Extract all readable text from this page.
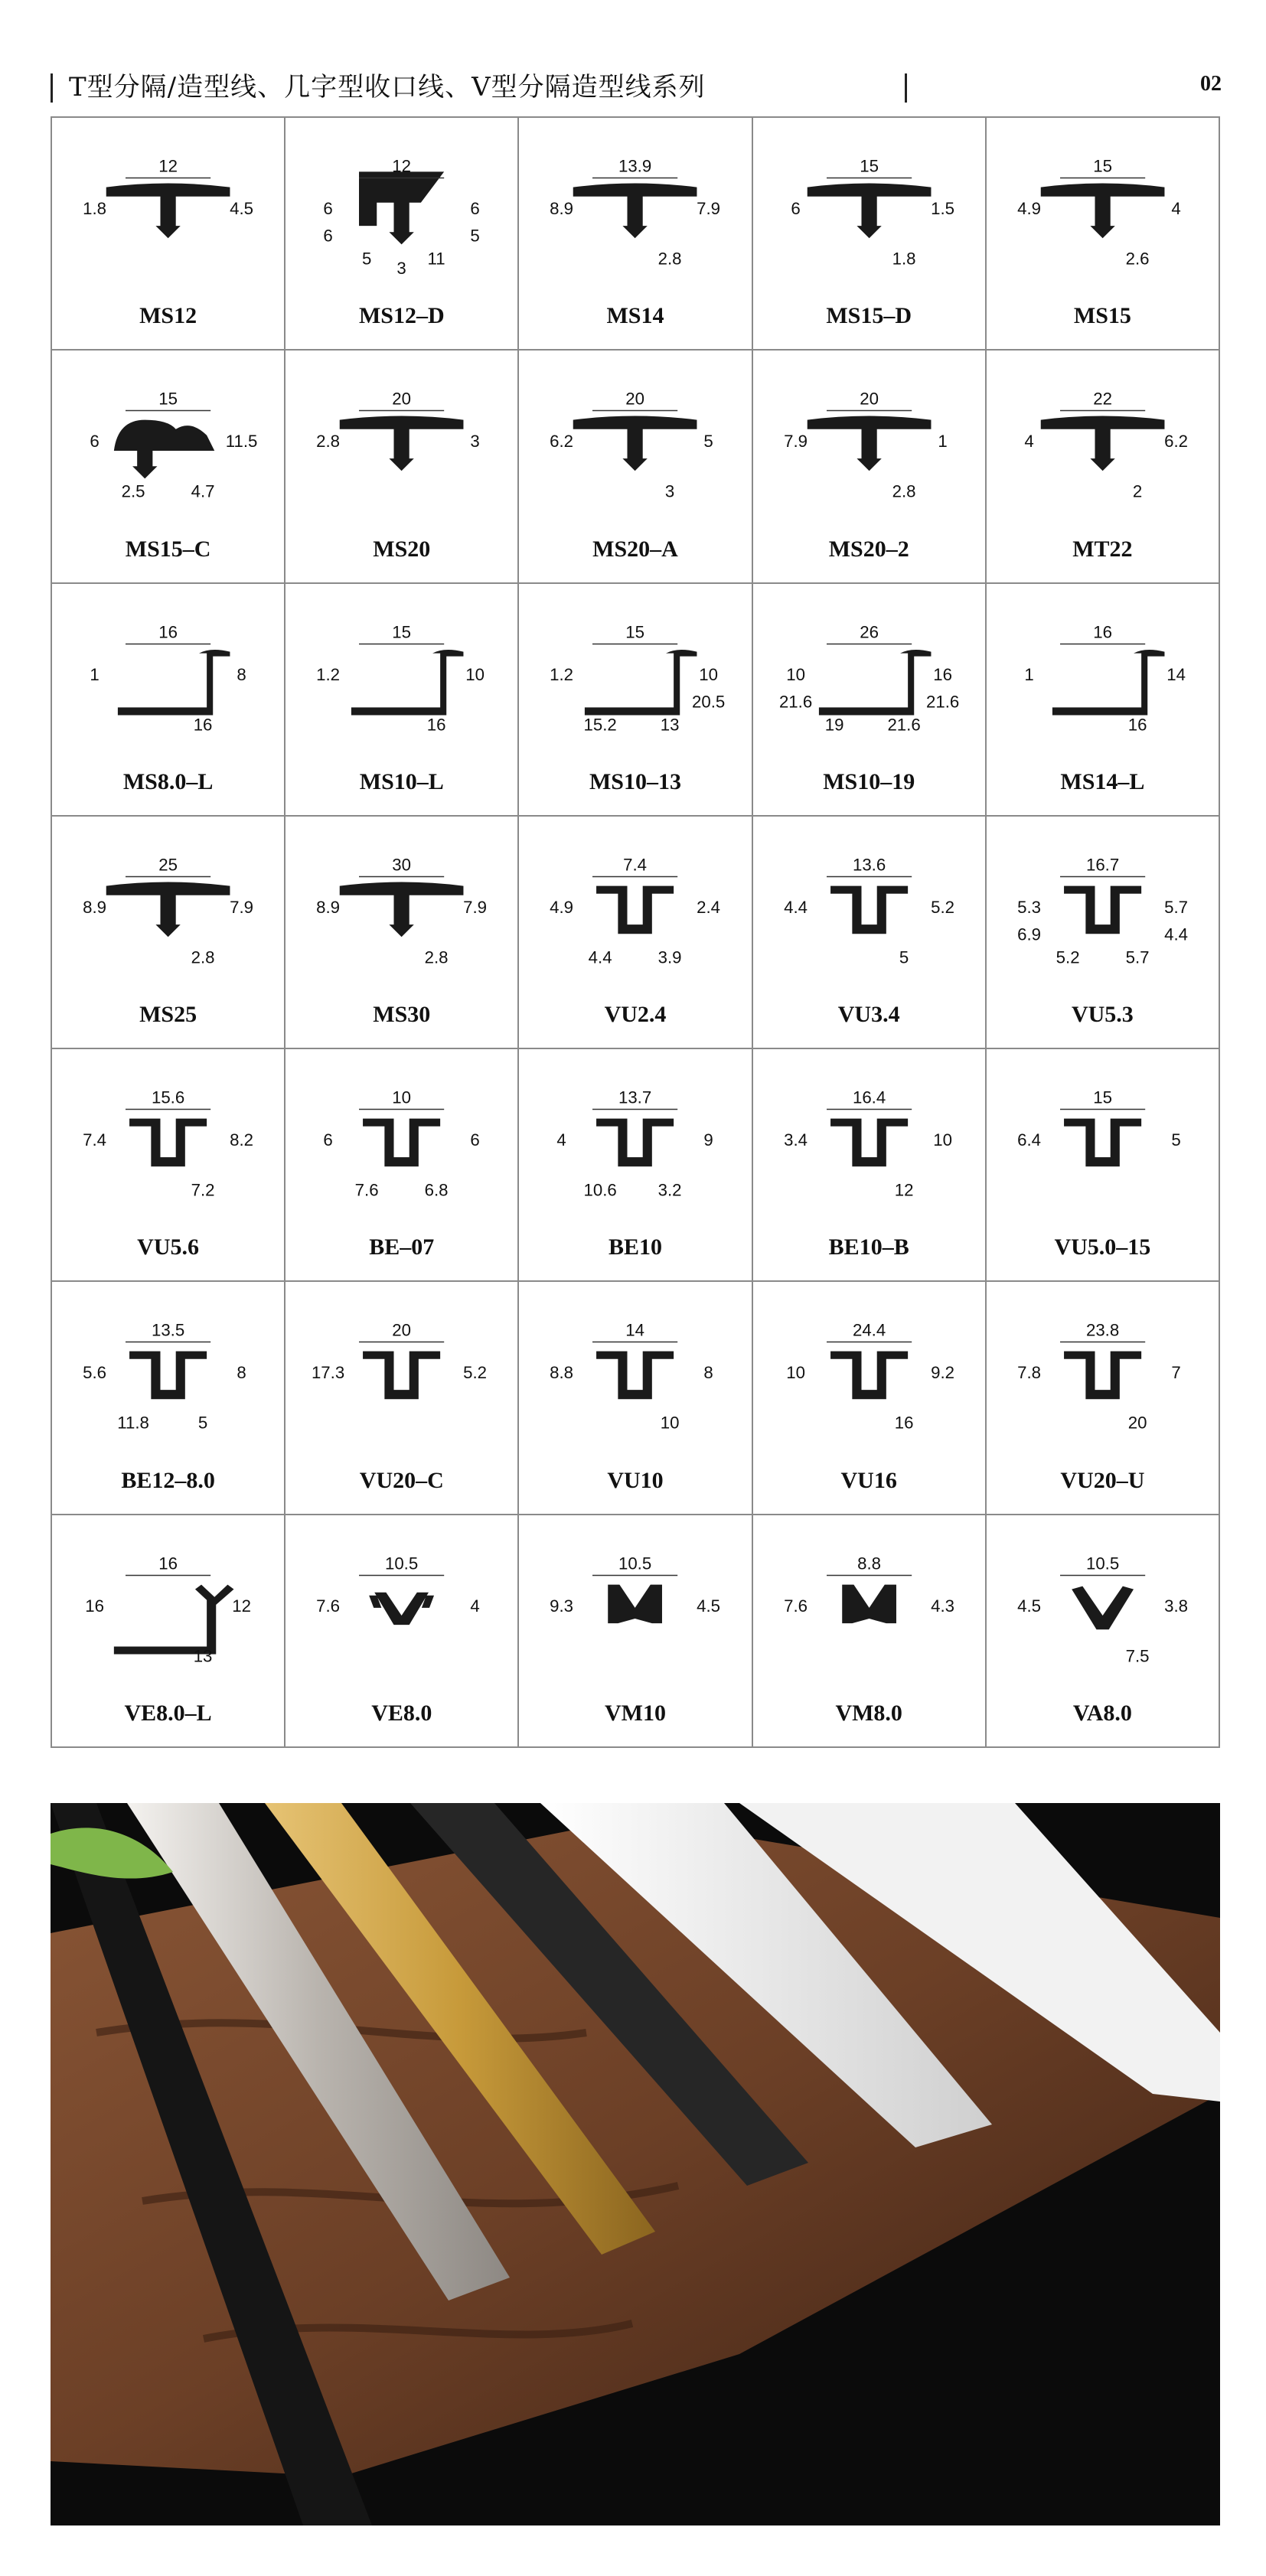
T型分隔/造型线、几字型收口线、V型分隔造型线系列	02
12
4.5
1.8
MS12
12
6
6
11
5
5
6
3
MS12–D
13.9
7.9
8.9
2.8
MS14
15
1.5
6
1.8
MS15–D
15
4
4.9
2.6
MS15
15
11.5
6
4.7
2.5
MS15–C
20
3
2.8
MS20
20
5
6.2
3
MS20–A
20
1
7.9
2.8
MS20–2
22
6.2
4
2
MT22
16
8
1
16
MS8.0–L
15
10
1.2
16
MS10–L
15
10
1.2
13
15.2
20.5
MS10–13
26
16
10
21.6
19
21.6
21.6
MS10–19
16
14
1
16
MS14–L
25
7.9
8.9
2.8
MS25
30
7.9
8.9
2.8
MS30
7.4
2.4
4.9
3.9
4.4
VU2.4
13.6
5.2
4.4
5
VU3.4
16.7
5.7
5.3
5.7
5.2
4.4
6.9
VU5.3
15.6
8.2
7.4
7.2
VU5.6
10
6
6
6.8
7.6
BE–07
13.7
9
4
3.2
10.6
BE10
16.4
10
3.4
12
BE10–B
15
5
6.4
VU5.0–15
13.5
8
5.6
5
11.8
BE12–8.0
20
5.2
17.3
VU20–C
14
8
8.8
10
VU10
24.4
9.2
10
16
VU16
23.8
7
7.8
20
VU20–U
16
12
16
13
VE8.0–L
10.5
4
7.6
VE8.0
10.5
4.5
9.3
VM10
8.8
4.3
7.6
VM8.0
10.5
3.8
4.5
7.5
VA8.0
